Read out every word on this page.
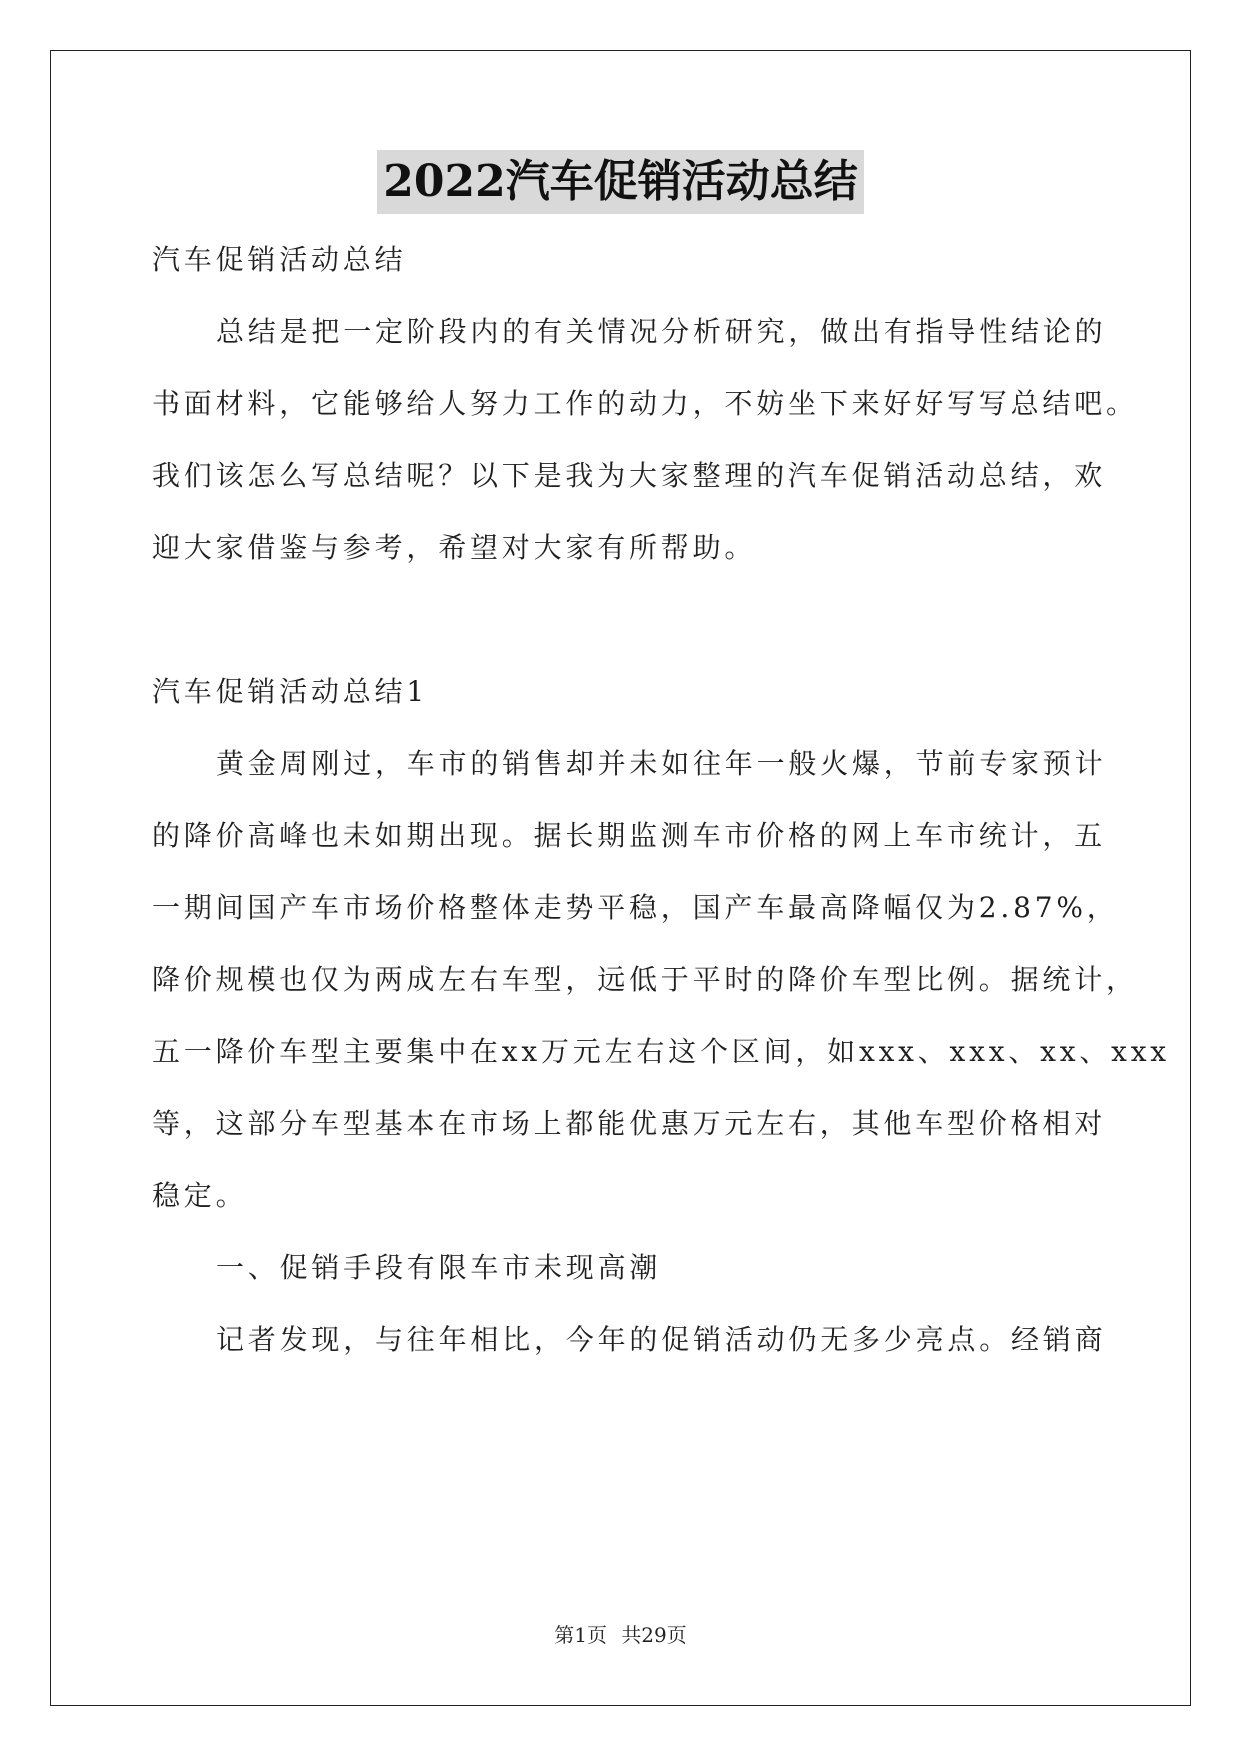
2022汽车促销活动总结

汽车促销活动总结

总结是把一定阶段内的有关情况分析研究，做出有指导性结论的

书面材料，它能够给人努力工作的动力，不妨坐下来好好写写总结吧。

我们该怎么写总结呢？以下是我为大家整理的汽车促销活动总结，欢

迎大家借鉴与参考，希望对大家有所帮助。

汽车促销活动总结1

黄金周刚过，车市的销售却并未如往年一般火爆，节前专家预计

的降价高峰也未如期出现。据长期监测车市价格的网上车市统计，五

一期间国产车市场价格整体走势平稳，国产车最高降幅仅为2.87%，

降价规模也仅为两成左右车型，远低于平时的降价车型比例。据统计，

五一降价车型主要集中在xx万元左右这个区间，如xxx、xxx、xx、xxx

等，这部分车型基本在市场上都能优惠万元左右，其他车型价格相对

稳定。

一、促销手段有限车市未现高潮

记者发现，与往年相比，今年的促销活动仍无多少亮点。经销商

第1页 共29页
